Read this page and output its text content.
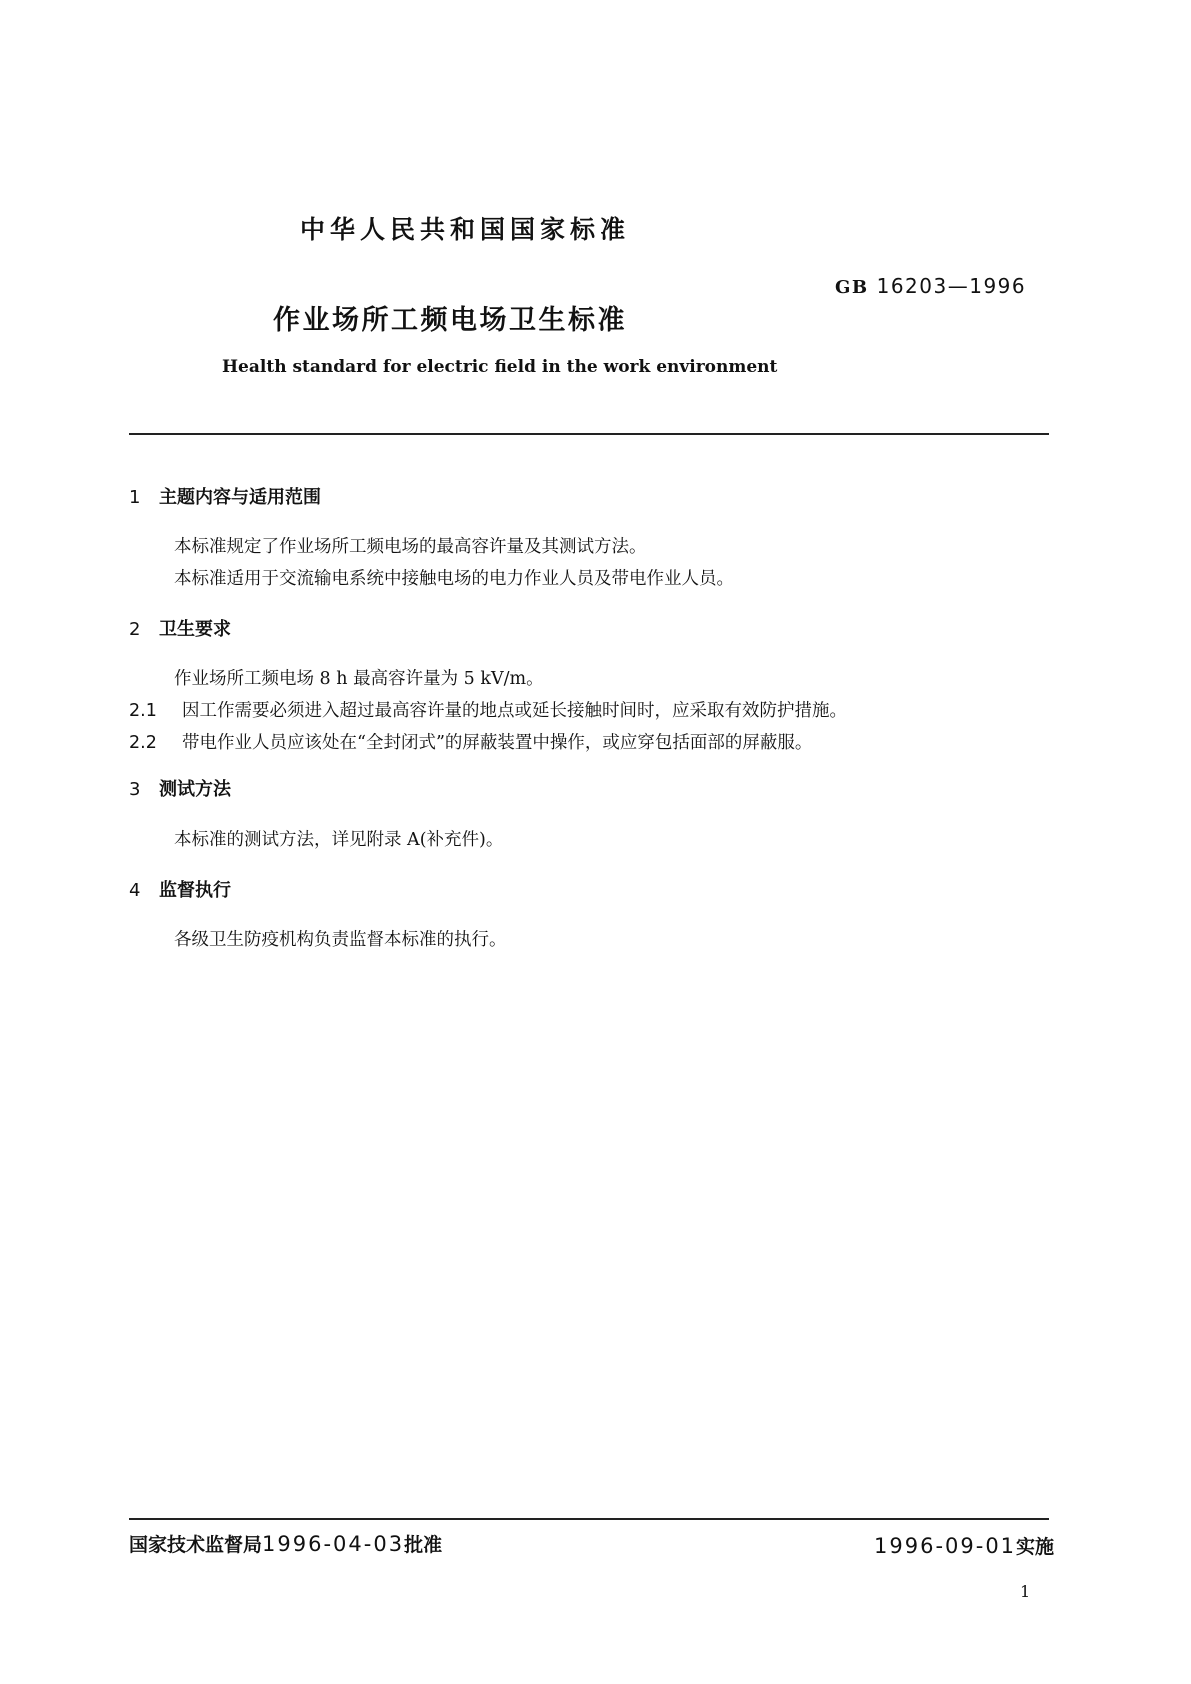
中华人民共和国国家标准
GB 16203—1996
作业场所工频电场卫生标准
Health standard for electric field in the work environment
1 主题内容与适用范围
本标准规定了作业场所工频电场的最高容许量及其测试方法。
本标准适用于交流输电系统中接触电场的电力作业人员及带电作业人员。
2 卫生要求
作业场所工频电场 8 h 最高容许量为 5 kV/m。
2.1 因工作需要必须进入超过最高容许量的地点或延长接触时间时，应采取有效防护措施。
2.2 带电作业人员应该处在“全封闭式”的屏蔽装置中操作，或应穿包括面部的屏蔽服。
3 测试方法
本标准的测试方法，详见附录 A(补充件)。
4 监督执行
各级卫生防疫机构负责监督本标准的执行。
国家技术监督局1996-04-03批准	1996-09-01实施
1
